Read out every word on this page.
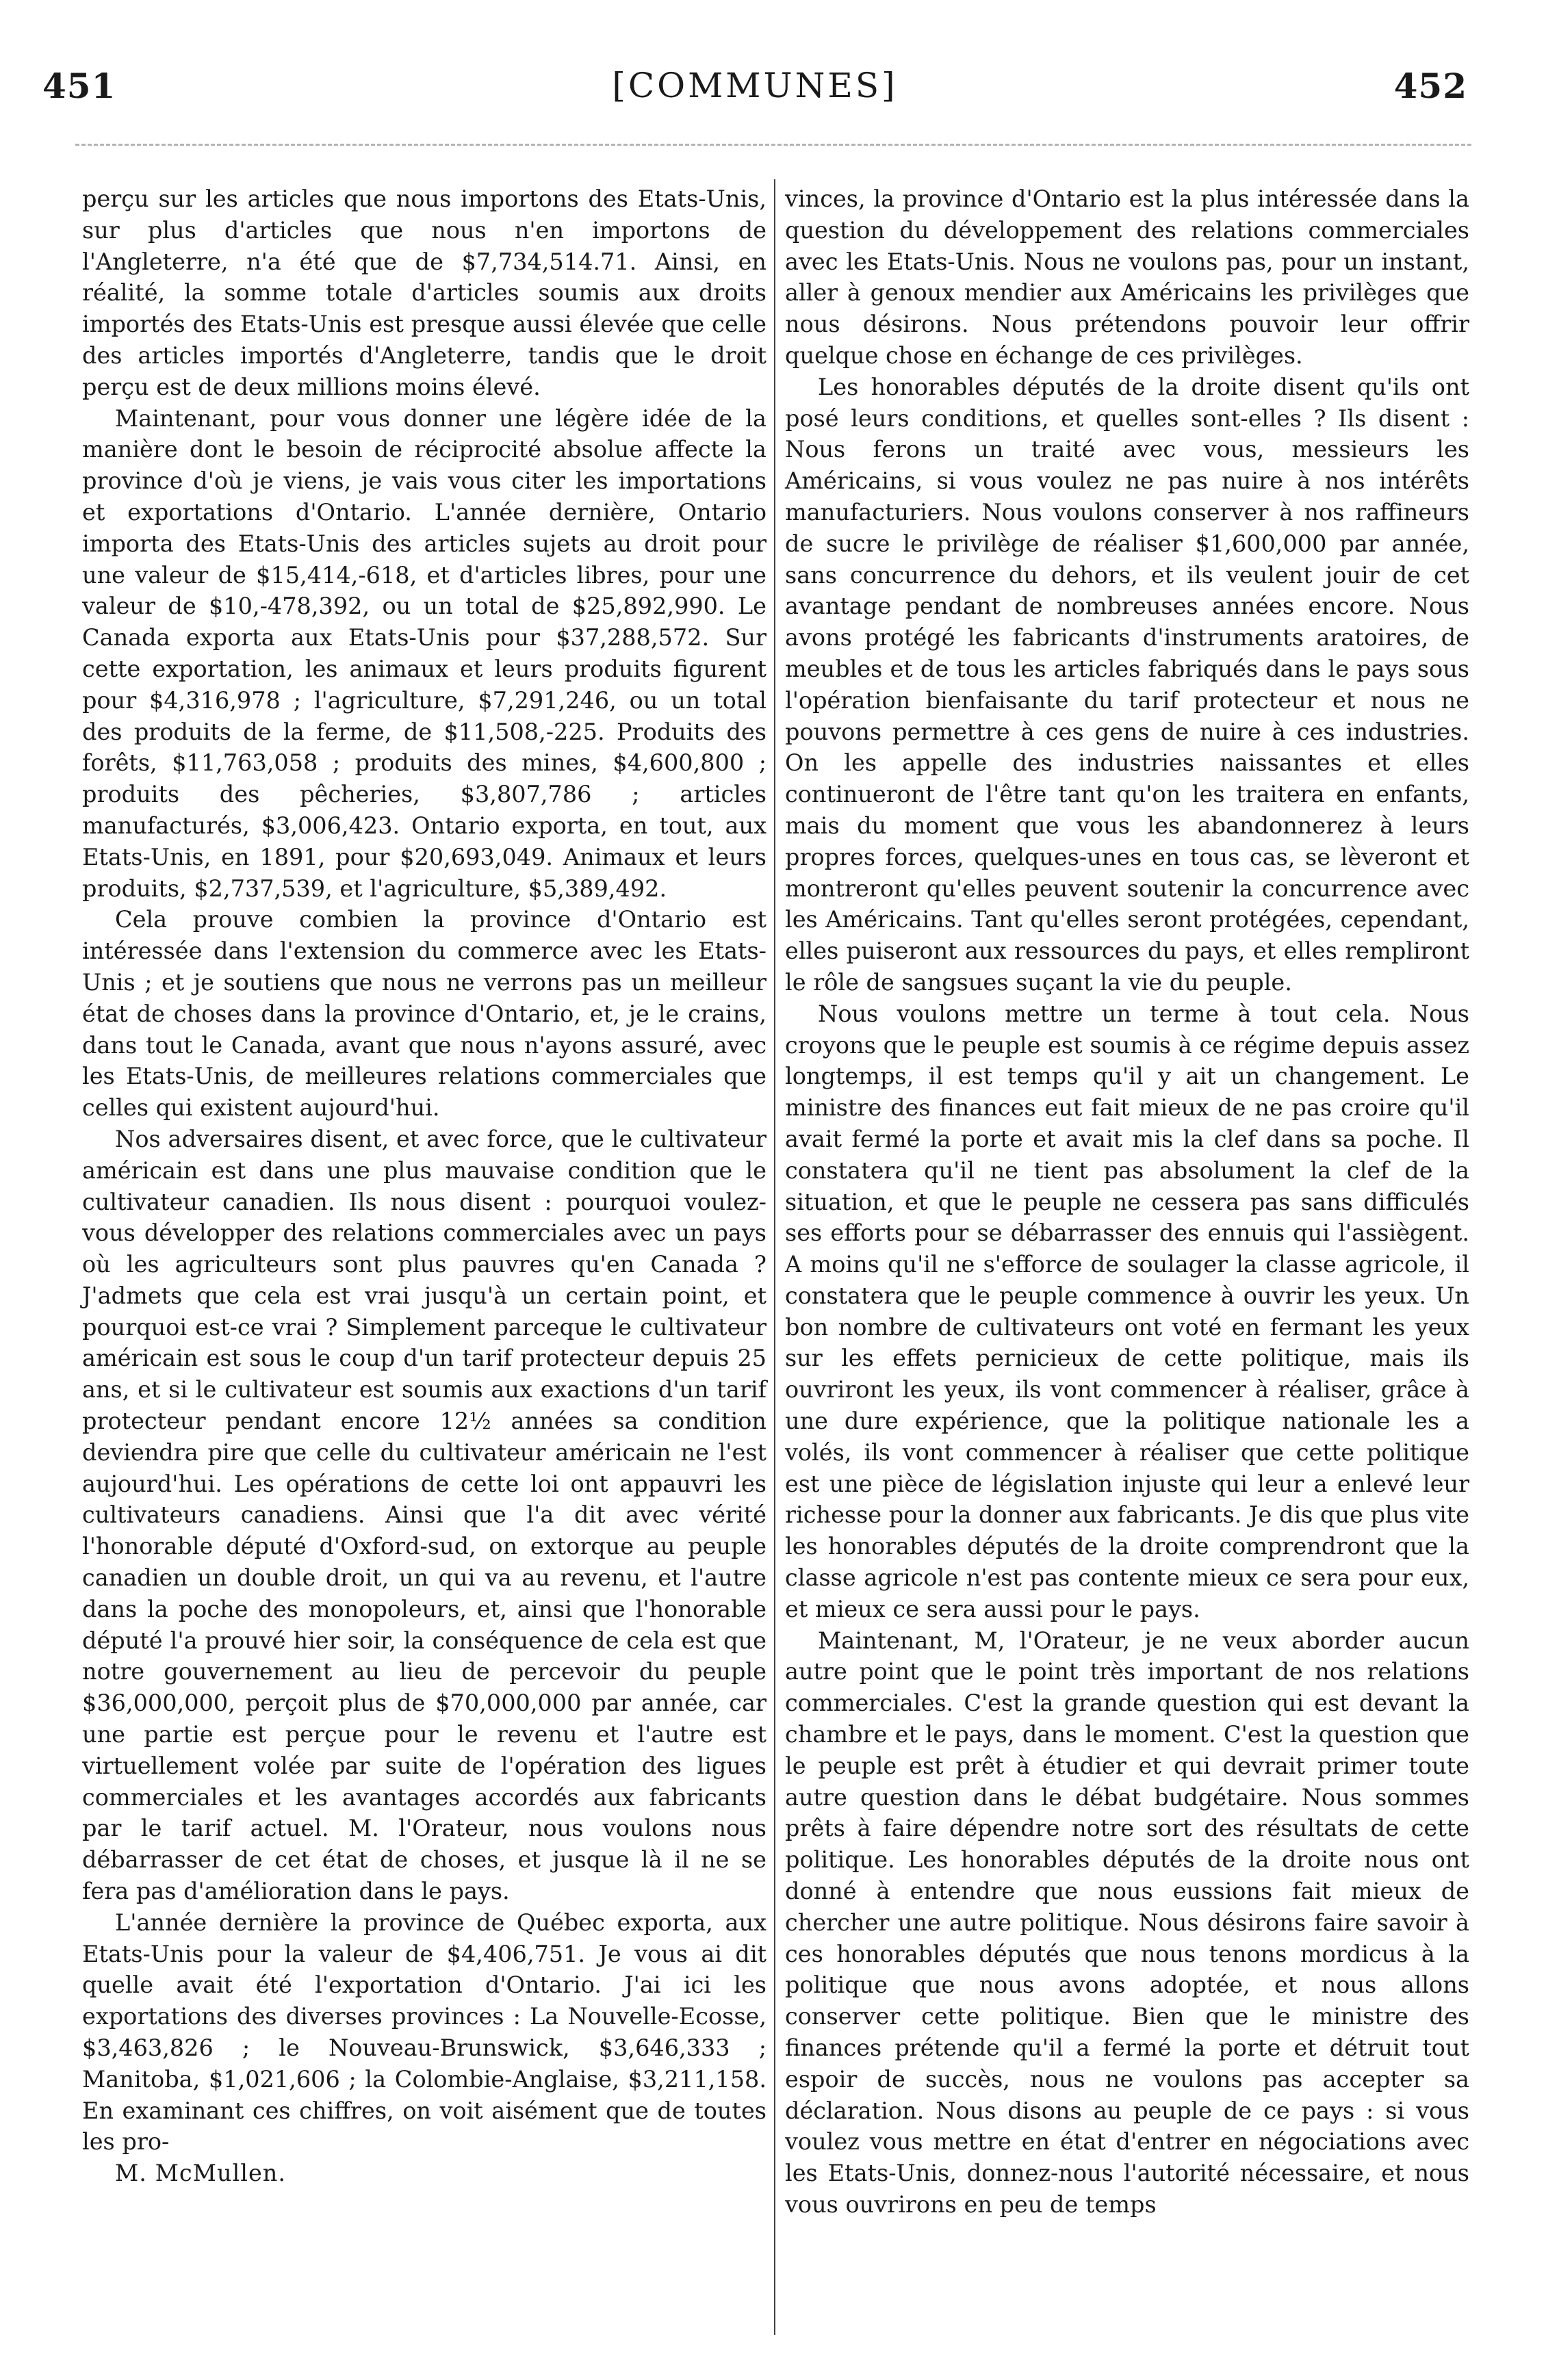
451	[COMMUNES]	452

perçu sur les articles que nous importons des Etats-Unis, sur plus d'articles que nous n'en importons de l'Angleterre, n'a été que de $7,734,514.71. Ainsi, en réalité, la somme totale d'articles soumis aux droits importés des Etats-Unis est presque aussi élevée que celle des articles importés d'Angleterre, tandis que le droit perçu est de deux millions moins élevé.

Maintenant, pour vous donner une légère idée de la manière dont le besoin de réciprocité absolue affecte la province d'où je viens, je vais vous citer les importations et exportations d'Ontario. L'année dernière, Ontario importa des Etats-Unis des articles sujets au droit pour une valeur de $15,414,-618, et d'articles libres, pour une valeur de $10,-478,392, ou un total de $25,892,990. Le Canada exporta aux Etats-Unis pour $37,288,572. Sur cette exportation, les animaux et leurs produits figurent pour $4,316,978 ; l'agriculture, $7,291,246, ou un total des produits de la ferme, de $11,508,-225. Produits des forêts, $11,763,058 ; produits des mines, $4,600,800 ; produits des pêcheries, $3,807,786 ; articles manufacturés, $3,006,423. Ontario exporta, en tout, aux Etats-Unis, en 1891, pour $20,693,049. Animaux et leurs produits, $2,737,539, et l'agriculture, $5,389,492.

Cela prouve combien la province d'Ontario est intéressée dans l'extension du commerce avec les Etats-Unis ; et je soutiens que nous ne verrons pas un meilleur état de choses dans la province d'Ontario, et, je le crains, dans tout le Canada, avant que nous n'ayons assuré, avec les Etats-Unis, de meilleures relations commerciales que celles qui existent aujourd'hui.

Nos adversaires disent, et avec force, que le cultivateur américain est dans une plus mauvaise condition que le cultivateur canadien. Ils nous disent : pourquoi voulez-vous développer des relations commerciales avec un pays où les agriculteurs sont plus pauvres qu'en Canada ? J'admets que cela est vrai jusqu'à un certain point, et pourquoi est-ce vrai ? Simplement parceque le cultivateur américain est sous le coup d'un tarif protecteur depuis 25 ans, et si le cultivateur est soumis aux exactions d'un tarif protecteur pendant encore 12½ années sa condition deviendra pire que celle du cultivateur américain ne l'est aujourd'hui. Les opérations de cette loi ont appauvri les cultivateurs canadiens. Ainsi que l'a dit avec vérité l'honorable député d'Oxford-sud, on extorque au peuple canadien un double droit, un qui va au revenu, et l'autre dans la poche des monopoleurs, et, ainsi que l'honorable député l'a prouvé hier soir, la conséquence de cela est que notre gouvernement au lieu de percevoir du peuple $36,000,000, perçoit plus de $70,000,000 par année, car une partie est perçue pour le revenu et l'autre est virtuellement volée par suite de l'opération des ligues commerciales et les avantages accordés aux fabricants par le tarif actuel. M. l'Orateur, nous voulons nous débarrasser de cet état de choses, et jusque là il ne se fera pas d'amélioration dans le pays.

L'année dernière la province de Québec exporta, aux Etats-Unis pour la valeur de $4,406,751. Je vous ai dit quelle avait été l'exportation d'Ontario. J'ai ici les exportations des diverses provinces : La Nouvelle-Ecosse, $3,463,826 ; le Nouveau-Brunswick, $3,646,333 ; Manitoba, $1,021,606 ; la Colombie-Anglaise, $3,211,158. En examinant ces chiffres, on voit aisément que de toutes les pro-

M. McMullen.

vinces, la province d'Ontario est la plus intéressée dans la question du développement des relations commerciales avec les Etats-Unis. Nous ne voulons pas, pour un instant, aller à genoux mendier aux Américains les privilèges que nous désirons. Nous prétendons pouvoir leur offrir quelque chose en échange de ces privilèges.

Les honorables députés de la droite disent qu'ils ont posé leurs conditions, et quelles sont-elles ? Ils disent : Nous ferons un traité avec vous, messieurs les Américains, si vous voulez ne pas nuire à nos intérêts manufacturiers. Nous voulons conserver à nos raffineurs de sucre le privilège de réaliser $1,600,000 par année, sans concurrence du dehors, et ils veulent jouir de cet avantage pendant de nombreuses années encore. Nous avons protégé les fabricants d'instruments aratoires, de meubles et de tous les articles fabriqués dans le pays sous l'opération bienfaisante du tarif protecteur et nous ne pouvons permettre à ces gens de nuire à ces industries. On les appelle des industries naissantes et elles continueront de l'être tant qu'on les traitera en enfants, mais du moment que vous les abandonnerez à leurs propres forces, quelques-unes en tous cas, se lèveront et montreront qu'elles peuvent soutenir la concurrence avec les Américains. Tant qu'elles seront protégées, cependant, elles puiseront aux ressources du pays, et elles rempliront le rôle de sangsues suçant la vie du peuple.

Nous voulons mettre un terme à tout cela. Nous croyons que le peuple est soumis à ce régime depuis assez longtemps, il est temps qu'il y ait un changement. Le ministre des finances eut fait mieux de ne pas croire qu'il avait fermé la porte et avait mis la clef dans sa poche. Il constatera qu'il ne tient pas absolument la clef de la situation, et que le peuple ne cessera pas sans difficulés ses efforts pour se débarrasser des ennuis qui l'assiègent. A moins qu'il ne s'efforce de soulager la classe agricole, il constatera que le peuple commence à ouvrir les yeux. Un bon nombre de cultivateurs ont voté en fermant les yeux sur les effets pernicieux de cette politique, mais ils ouvriront les yeux, ils vont commencer à réaliser, grâce à une dure expérience, que la politique nationale les a volés, ils vont commencer à réaliser que cette politique est une pièce de législation injuste qui leur a enlevé leur richesse pour la donner aux fabricants. Je dis que plus vite les honorables députés de la droite comprendront que la classe agricole n'est pas contente mieux ce sera pour eux, et mieux ce sera aussi pour le pays.

Maintenant, M, l'Orateur, je ne veux aborder aucun autre point que le point très important de nos relations commerciales. C'est la grande question qui est devant la chambre et le pays, dans le moment. C'est la question que le peuple est prêt à étudier et qui devrait primer toute autre question dans le débat budgétaire. Nous sommes prêts à faire dépendre notre sort des résultats de cette politique. Les honorables députés de la droite nous ont donné à entendre que nous eussions fait mieux de chercher une autre politique. Nous désirons faire savoir à ces honorables députés que nous tenons mordicus à la politique que nous avons adoptée, et nous allons conserver cette politique. Bien que le ministre des finances prétende qu'il a fermé la porte et détruit tout espoir de succès, nous ne voulons pas accepter sa déclaration. Nous disons au peuple de ce pays : si vous voulez vous mettre en état d'entrer en négociations avec les Etats-Unis, donnez-nous l'autorité nécessaire, et nous vous ouvrirons en peu de temps
